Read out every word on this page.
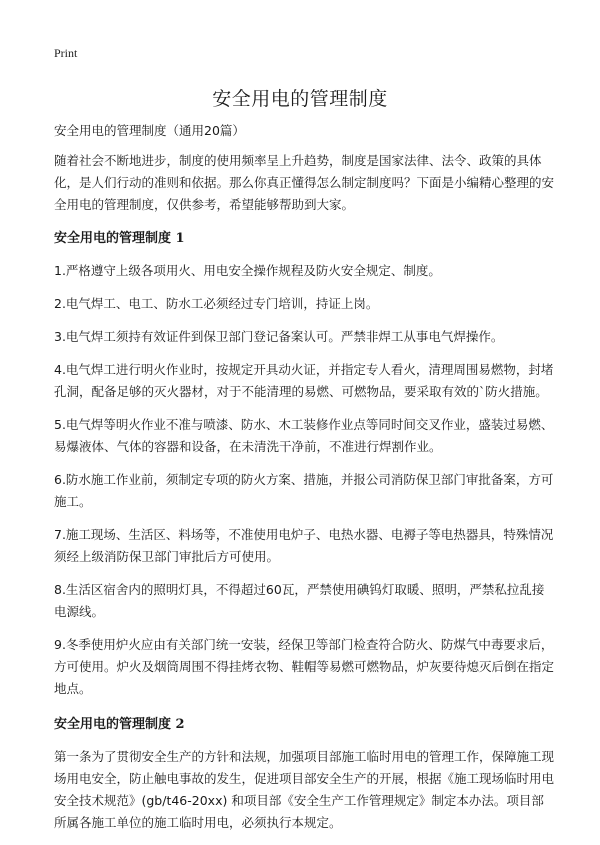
Print
安全用电的管理制度

安全用电的管理制度（通用20篇）

随着社会不断地进步，制度的使用频率呈上升趋势，制度是国家法律、法令、政策的具体化，是人们行动的准则和依据。那么你真正懂得怎么制定制度吗？下面是小编精心整理的安全用电的管理制度，仅供参考，希望能够帮助到大家。

安全用电的管理制度 1

1.严格遵守上级各项用火、用电安全操作规程及防火安全规定、制度。

2.电气焊工、电工、防水工必须经过专门培训，持证上岗。

3.电气焊工须持有效证件到保卫部门登记备案认可。严禁非焊工从事电气焊操作。

4.电气焊工进行明火作业时，按规定开具动火证，并指定专人看火，清理周围易燃物，封堵孔洞，配备足够的灭火器材，对于不能清理的易燃、可燃物品，要采取有效的`防火措施。

5.电气焊等明火作业不准与喷漆、防水、木工装修作业点等同时间交叉作业，盛装过易燃、易爆液体、气体的容器和设备，在未清洗干净前，不准进行焊割作业。

6.防水施工作业前，须制定专项的防火方案、措施，并报公司消防保卫部门审批备案，方可施工。

7.施工现场、生活区、料场等，不准使用电炉子、电热水器、电褥子等电热器具，特殊情况须经上级消防保卫部门审批后方可使用。

8.生活区宿舍内的照明灯具，不得超过60瓦，严禁使用碘钨灯取暖、照明，严禁私拉乱接电源线。

9.冬季使用炉火应由有关部门统一安装，经保卫等部门检查符合防火、防煤气中毒要求后，方可使用。炉火及烟筒周围不得挂烤衣物、鞋帽等易燃可燃物品，炉灰要待熄灭后倒在指定地点。

安全用电的管理制度 2

第一条为了贯彻安全生产的方针和法规，加强项目部施工临时用电的管理工作，保障施工现场用电安全，防止触电事故的发生，促进项目部安全生产的开展，根据《施工现场临时用电安全技术规范》(gb/t46-20xx) 和项目部《安全生产工作管理规定》制定本办法。项目部所属各施工单位的施工临时用电，必须执行本规定。
